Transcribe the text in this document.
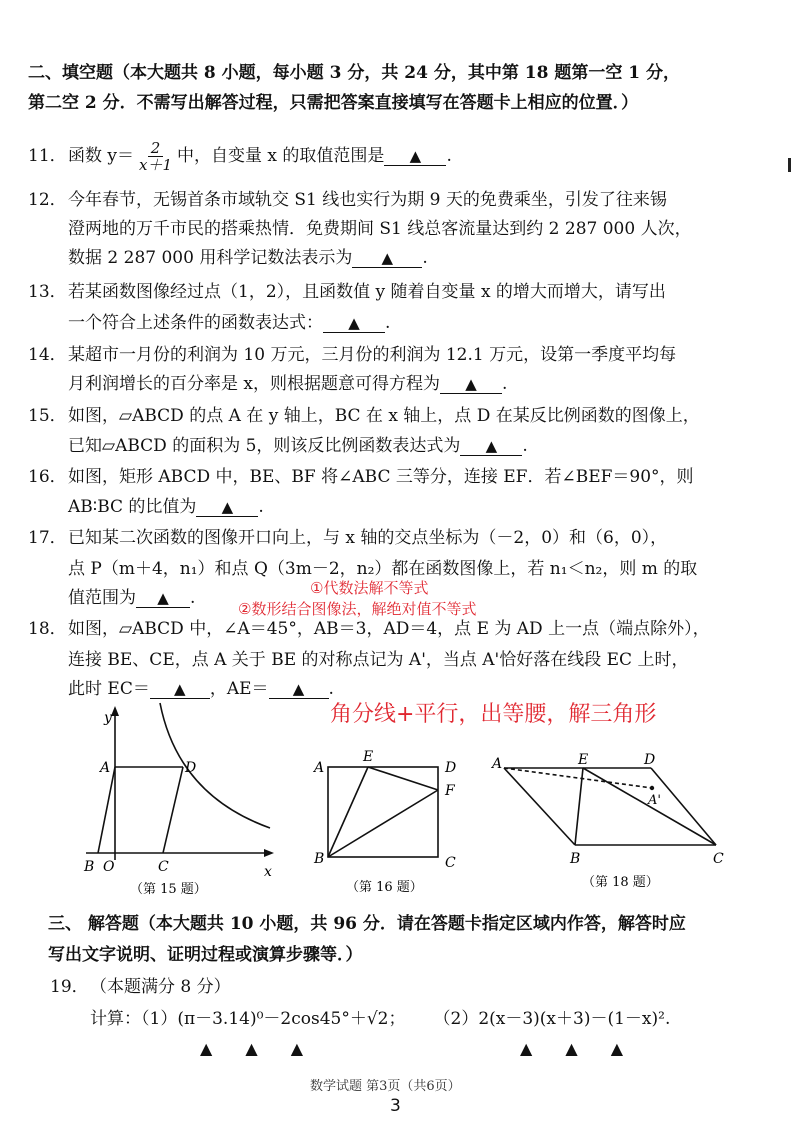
二、填空题（本大题共 8 小题，每小题 3 分，共 24 分，其中第 18 题第一空 1 分，
第二空 2 分．不需写出解答过程，只需把答案直接填写在答题卡上相应的位置．）
11．函数 $y= \frac{2}{x+1}$ 中，自变量 x 的取值范围是 ▲ .
12．今年春节，无锡首条市域轨交 S1 线也实行为期 9 天的免费乘坐，引发了往来锡
澄两地的万千市民的搭乘热情．免费期间 S1 线总客流量达到约 2 287 000 人次，
数据 2 287 000 用科学记数法表示为 ▲ .
13．若某函数图像经过点（1，2），且函数值 y 随着自变量 x 的增大而增大，请写出
一个符合上述条件的函数表达式： ▲ .
14．某超市一月份的利润为 10 万元，三月份的利润为 12.1 万元，设第一季度平均每
月利润增长的百分率是 x，则根据题意可得方程为 ▲ .
15．如图，▱ABCD 的点 A 在 y 轴上，BC 在 x 轴上，点 D 在某反比例函数的图像上，
已知▱ABCD 的面积为 5，则该反比例函数表达式为 ▲ .
16．如图，矩形 ABCD 中，BE、BF 将∠ABC 三等分，连接 EF．若∠BEF＝90°，则
AB∶BC 的比值为 ▲ .
17．已知某二次函数的图像开口向上，与 x 轴的交点坐标为（－2，0）和（6，0），
点 P（m＋4，n₁）和点 Q（3m－2，n₂）都在函数图像上，若 n₁＜n₂，则 m 的取
值范围为 ▲ .	①代数法解不等式
②数形结合图像法，解绝对值不等式
18．如图，▱ABCD 中，∠A＝45°，AB＝3，AD＝4，点 E 为 AD 上一点（端点除外），
连接 BE、CE，点 A 关于 BE 的对称点记为 A'，当点 A'恰好落在线段 EC 上时，
此时 EC＝ ▲ ，AE＝ ▲ .
角分线+平行，出等腰，解三角形
y
A	D
B O	C	x
（第 15 题）
A
E
D
F
B	C
（第 16 题）
A	E	D
A'
B	C
（第 18 题）
三、 解答题（本大题共 10 小题，共 96 分．请在答题卡指定区域内作答，解答时应
写出文字说明、证明过程或演算步骤等．）
19．（本题满分 8 分）
计算：（1）(π－3.14)⁰－2cos45°＋√2； （2）2(x－3)(x＋3)－(1－x)².
▲ ▲ ▲	▲ ▲ ▲
数学试题 第3页（共6页）
3
